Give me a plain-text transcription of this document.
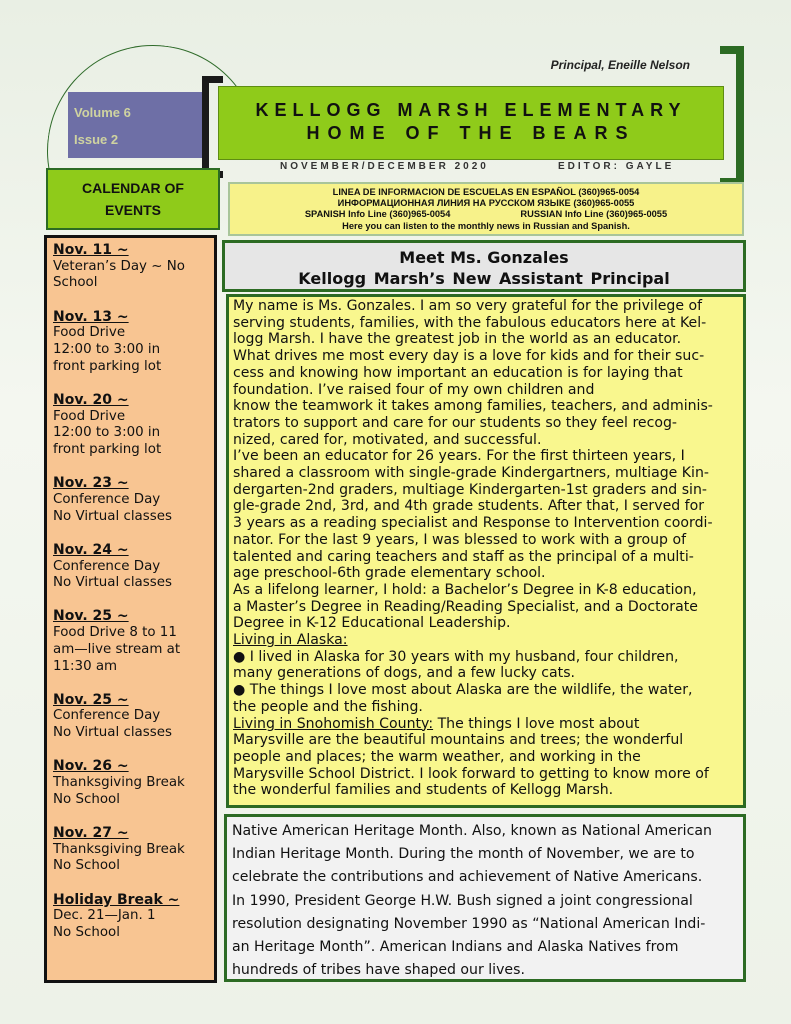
Principal, Eneille Nelson
Volume 6
Issue 2
KELLOGG MARSH ELEMENTARY
HOME OF THE BEARS
NOVEMBER/DECEMBER 2020	EDITOR: GAYLE
CALENDAR OF
EVENTS
LINEA DE INFORMACION DE ESCUELAS EN ESPAÑOL (360)965-0054
ИНФОРМАЦИОННАЯ ЛИНИЯ НА РУССКОМ ЯЗЫКЕ (360)965-0055
SPANISH Info Line (360)965-0054	RUSSIAN Info Line (360)965-0055
Here you can listen to the monthly news in Russian and Spanish.
Nov. 11 ~
Veteran’s Day ~ No
School
Nov. 13 ~
Food Drive
12:00 to 3:00 in
front parking lot
Nov. 20 ~
Food Drive
12:00 to 3:00 in
front parking lot
Nov. 23 ~
Conference Day
No Virtual classes
Nov. 24 ~
Conference Day
No Virtual classes
Nov. 25 ~
Food Drive 8 to 11
am—live stream at
11:30 am
Nov. 25 ~
Conference Day
No Virtual classes
Nov. 26 ~
Thanksgiving Break
No School
Nov. 27 ~
Thanksgiving Break
No School
Holiday Break ~
Dec. 21—Jan. 1
No School
Meet Ms. Gonzales
Kellogg Marsh’s New Assistant Principal
My name is Ms. Gonzales. I am so very grateful for the privilege of
serving students, families, with the fabulous educators here at Kel-
logg Marsh. I have the greatest job in the world as an educator.
What drives me most every day is a love for kids and for their suc-
cess and knowing how important an education is for laying that
foundation. I’ve raised four of my own children and
know the teamwork it takes among families, teachers, and adminis-
trators to support and care for our students so they feel recog-
nized, cared for, motivated, and successful.
I’ve been an educator for 26 years. For the first thirteen years, I
shared a classroom with single-grade Kindergartners, multiage Kin-
dergarten-2nd graders, multiage Kindergarten-1st graders and sin-
gle-grade 2nd, 3rd, and 4th grade students. After that, I served for
3 years as a reading specialist and Response to Intervention coordi-
nator. For the last 9 years, I was blessed to work with a group of
talented and caring teachers and staff as the principal of a multi-
age preschool-6th grade elementary school.
As a lifelong learner, I hold: a Bachelor’s Degree in K-8 education,
a Master’s Degree in Reading/Reading Specialist, and a Doctorate
Degree in K-12 Educational Leadership.
Living in Alaska:
● I lived in Alaska for 30 years with my husband, four children,
many generations of dogs, and a few lucky cats.
● The things I love most about Alaska are the wildlife, the water,
the people and the fishing.
Living in Snohomish County: The things I love most about
Marysville are the beautiful mountains and trees; the wonderful
people and places; the warm weather, and working in the
Marysville School District. I look forward to getting to know more of
the wonderful families and students of Kellogg Marsh.
Native American Heritage Month. Also, known as National American
Indian Heritage Month. During the month of November, we are to
celebrate the contributions and achievement of Native Americans.
In 1990, President George H.W. Bush signed a joint congressional
resolution designating November 1990 as “National American Indi-
an Heritage Month”. American Indians and Alaska Natives from
hundreds of tribes have shaped our lives.
